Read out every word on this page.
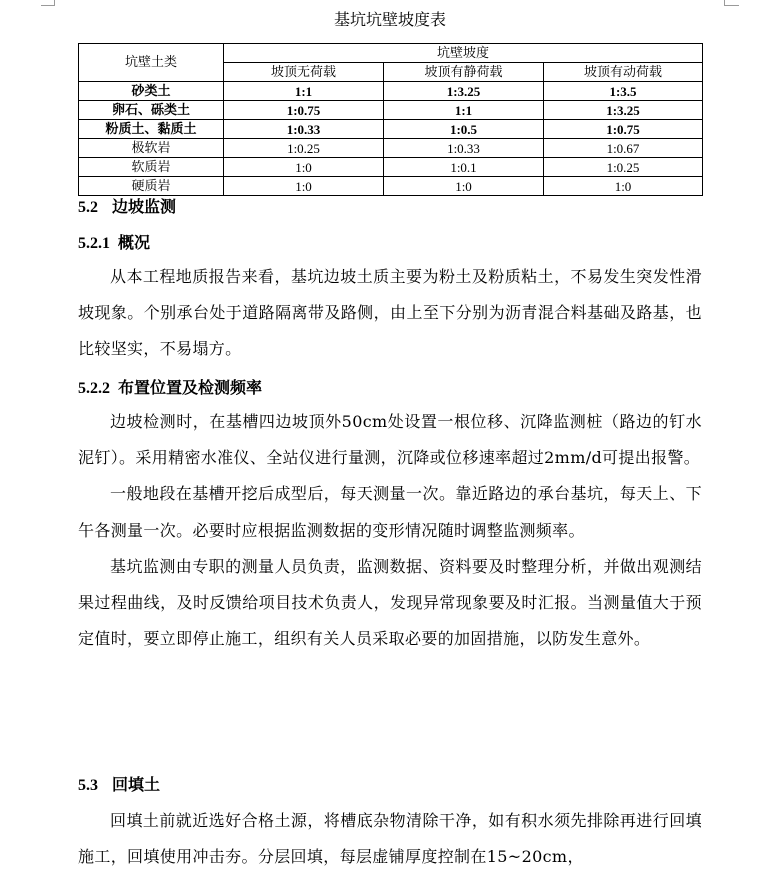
基坑坑壁坡度表
坑壁土类	坑壁坡度		
	坡顶无荷载	坡顶有静荷载	坡顶有动荷载
砂类土	1:1	1:3.25	1:3.5
卵石、砾类土	1:0.75	1:1	1:3.25
粉质土、黏质土	1:0.33	1:0.5	1:0.75
极软岩	1:0.25	1:0.33	1:0.67
软质岩	1:0	1:0.1	1:0.25
硬质岩	1:0	1:0	1:0
5.2 边坡监测
5.2.1 概况

从本工程地质报告来看，基坑边坡土质主要为粉土及粉质粘土，不易发生突发性滑坡现象。个别承台处于道路隔离带及路侧，由上至下分别为沥青混合料基础及路基，也比较坚实，不易塌方。

5.2.2 布置位置及检测频率

边坡检测时，在基槽四边坡顶外50cm处设置一根位移、沉降监测桩（路边的钉水泥钉）。采用精密水准仪、全站仪进行量测，沉降或位移速率超过2mm/d可提出报警。

一般地段在基槽开挖后成型后，每天测量一次。靠近路边的承台基坑，每天上、下午各测量一次。必要时应根据监测数据的变形情况随时调整监测频率。

基坑监测由专职的测量人员负责，监测数据、资料要及时整理分析，并做出观测结果过程曲线，及时反馈给项目技术负责人，发现异常现象要及时汇报。当测量值大于预定值时，要立即停止施工，组织有关人员采取必要的加固措施，以防发生意外。

5.3 回填土

回填土前就近选好合格土源，将槽底杂物清除干净，如有积水须先排除再进行回填施工，回填使用冲击夯。分层回填，每层虚铺厚度控制在15~20cm，
